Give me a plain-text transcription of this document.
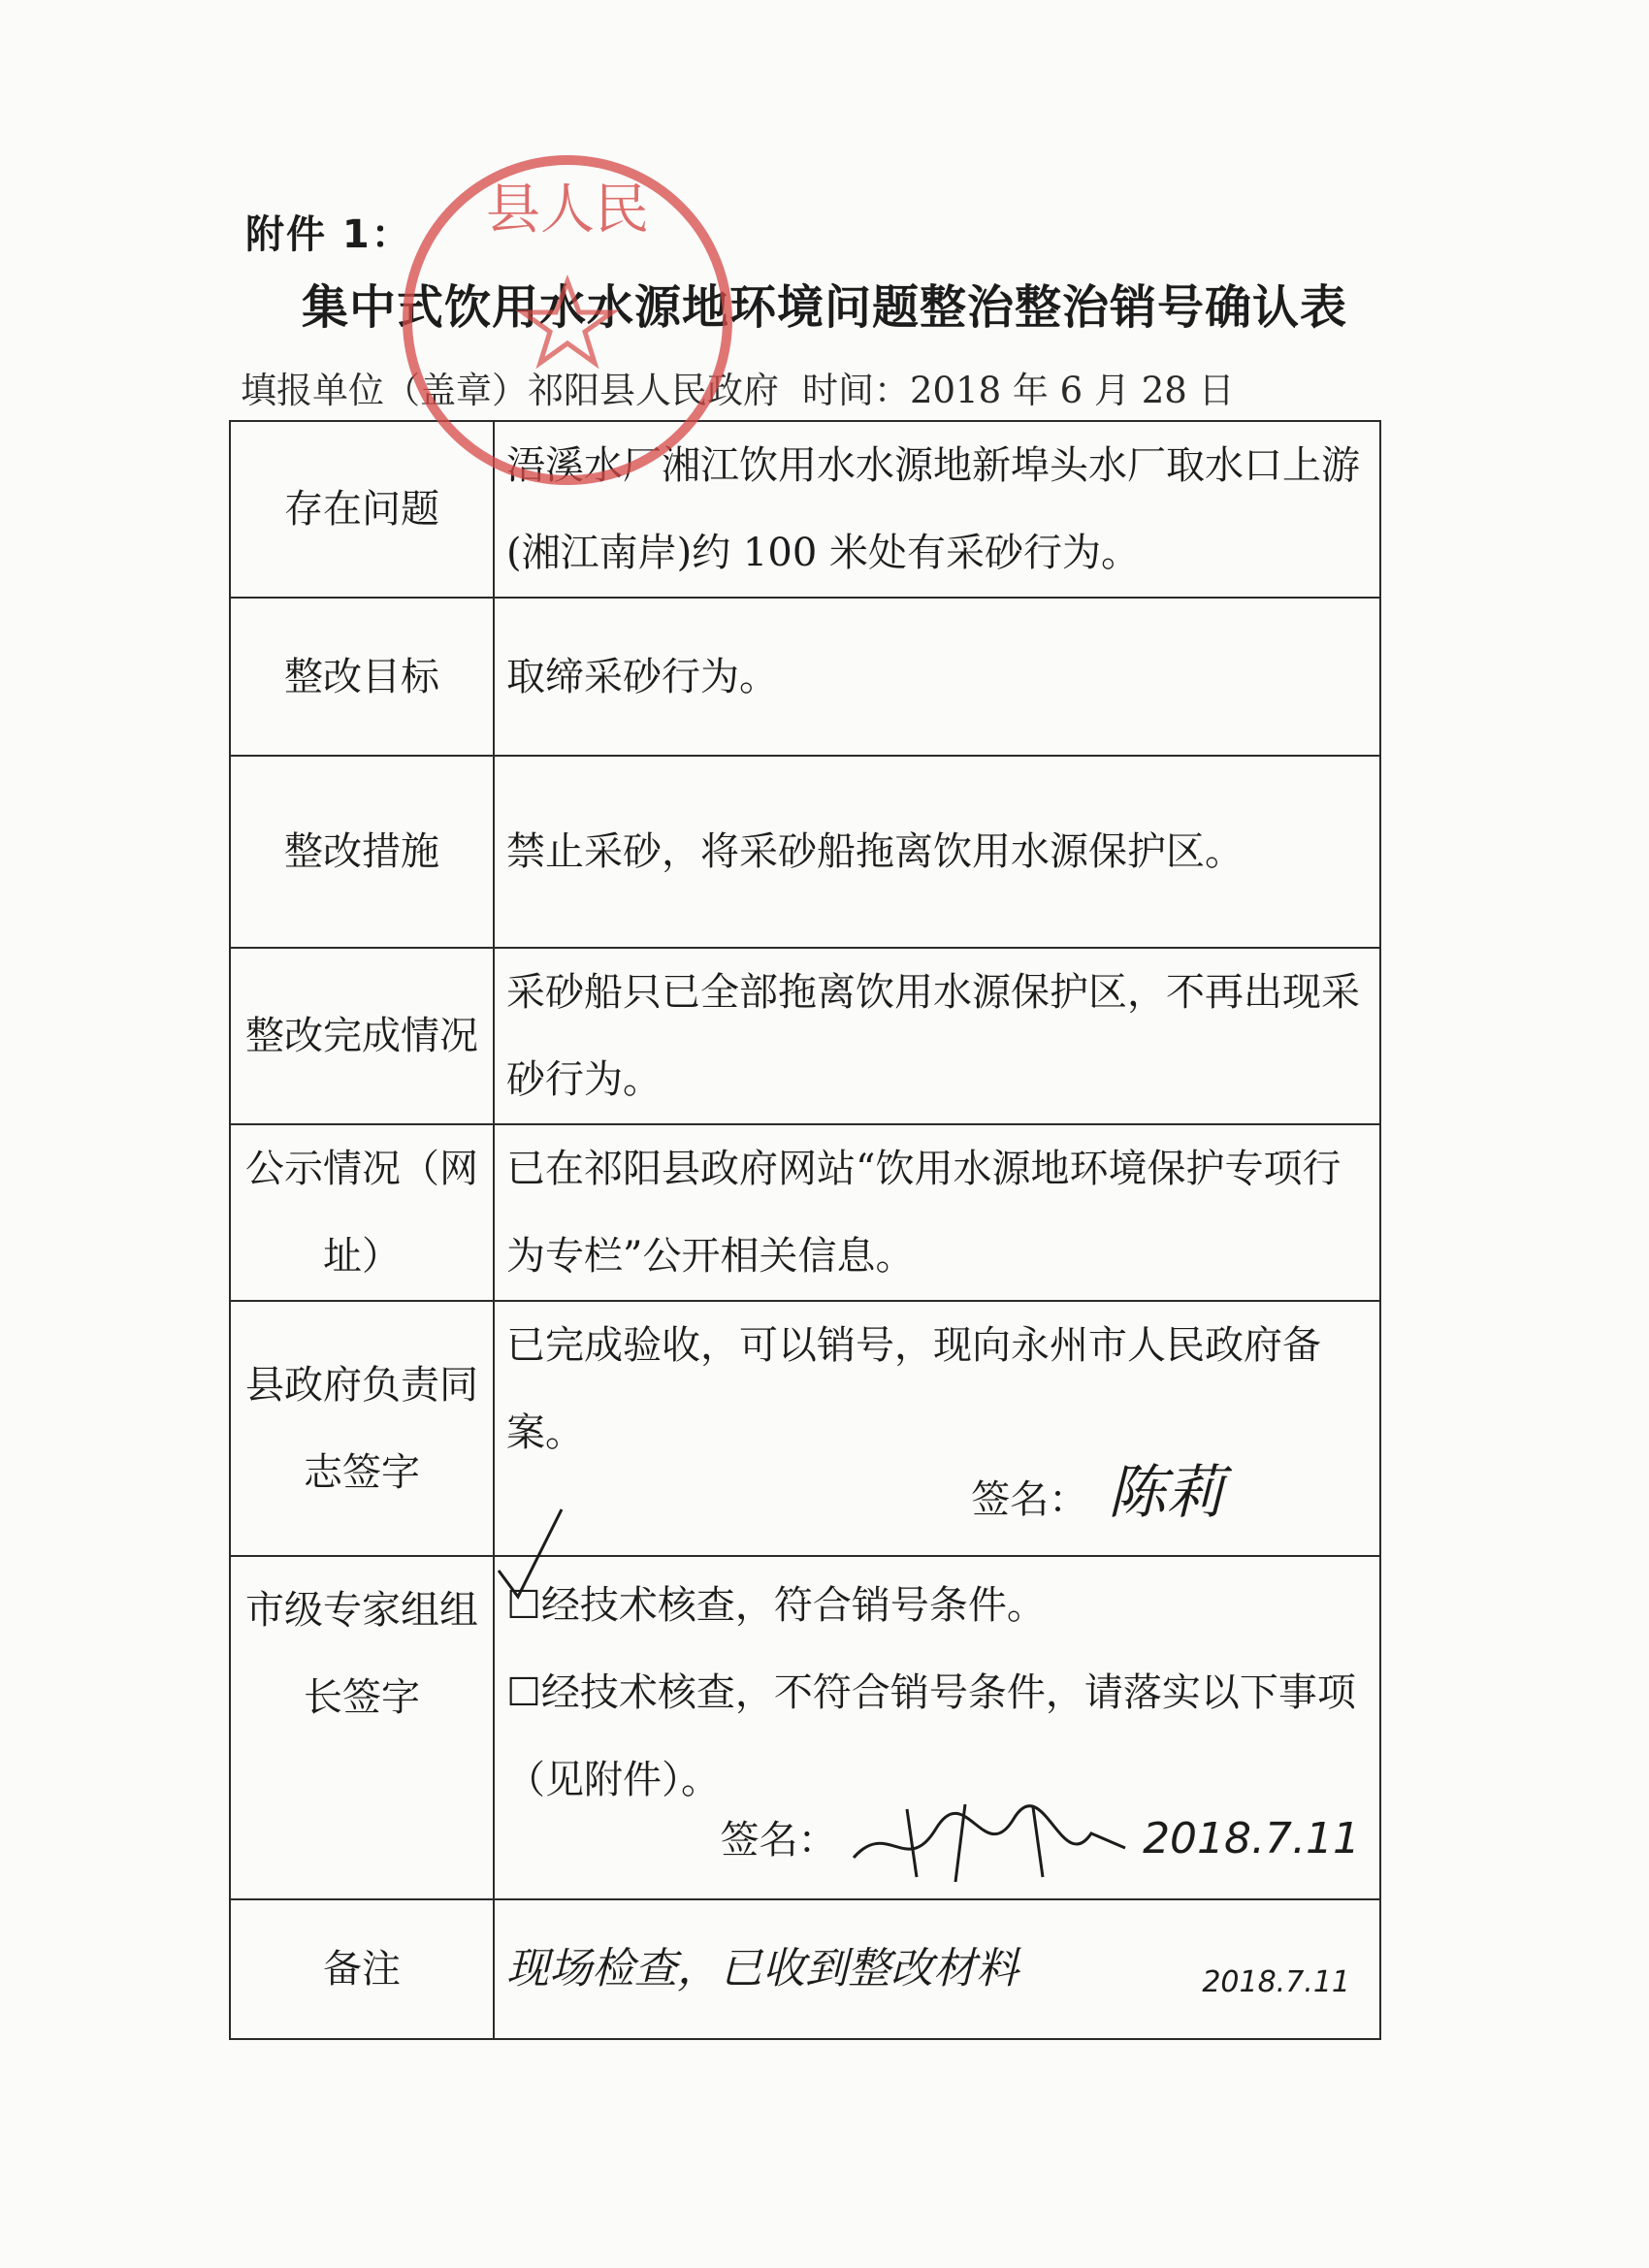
附件 1：
集中式饮用水水源地环境问题整治整治销号确认表
填报单位（盖章）祁阳县人民政府 时间：2018 年 6 月 28 日
存在问题	浯溪水厂湘江饮用水水源地新埠头水厂取水口上游(湘江南岸)约 100 米处有采砂行为。
整改目标	取缔采砂行为。
整改措施	禁止采砂，将采砂船拖离饮用水源保护区。
整改完成情况	采砂船只已全部拖离饮用水源保护区，不再出现采砂行为。
公示情况（网址）	已在祁阳县政府网站“饮用水源地环境保护专项行为专栏”公开相关信息。
县政府负责同志签字	已完成验收，可以销号，现向永州市人民政府备案。
签名： 陈莉

市级专家组组长签字	☐经技术核查，符合销号条件。
☐经技术核查，不符合销号条件，请落实以下事项（见附件）。
签名： 2018.7.11

备注	现场检查，已收到整改材料 2018.7.11
县人民
